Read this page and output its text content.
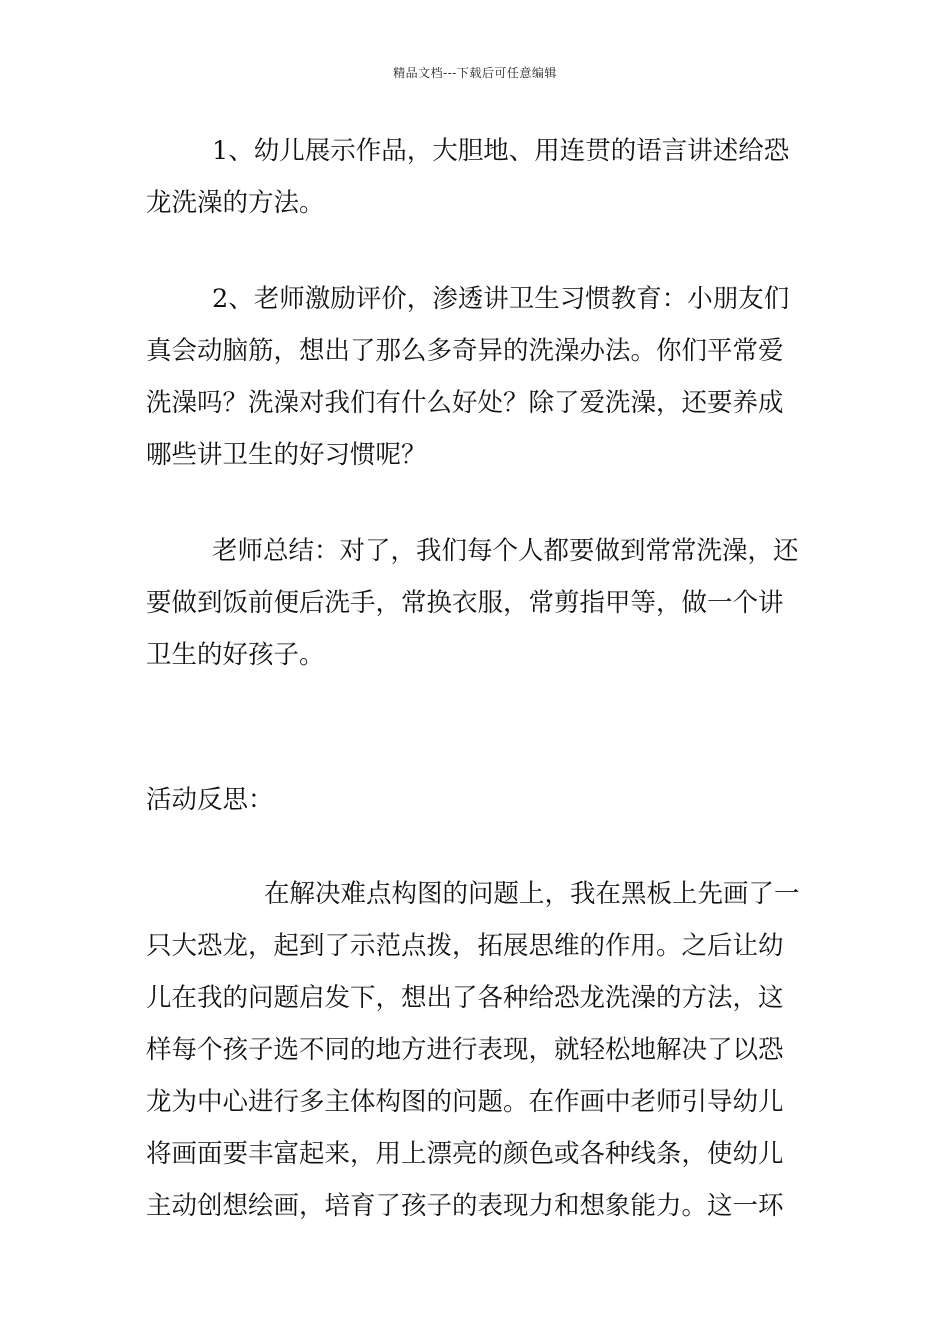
精品文档---下载后可任意编辑
1、幼儿展示作品，大胆地、用连贯的语言讲述给恐
龙洗澡的方法。
2、老师激励评价，渗透讲卫生习惯教育：小朋友们
真会动脑筋，想出了那么多奇异的洗澡办法。你们平常爱
洗澡吗？洗澡对我们有什么好处？除了爱洗澡，还要养成
哪些讲卫生的好习惯呢？
老师总结：对了，我们每个人都要做到常常洗澡，还
要做到饭前便后洗手，常换衣服，常剪指甲等，做一个讲
卫生的好孩子。
活动反思：
在解决难点构图的问题上，我在黑板上先画了一
只大恐龙，起到了示范点拨，拓展思维的作用。之后让幼
儿在我的问题启发下，想出了各种给恐龙洗澡的方法，这
样每个孩子选不同的地方进行表现，就轻松地解决了以恐
龙为中心进行多主体构图的问题。在作画中老师引导幼儿
将画面要丰富起来，用上漂亮的颜色或各种线条，使幼儿
主动创想绘画，培育了孩子的表现力和想象能力。这一环
